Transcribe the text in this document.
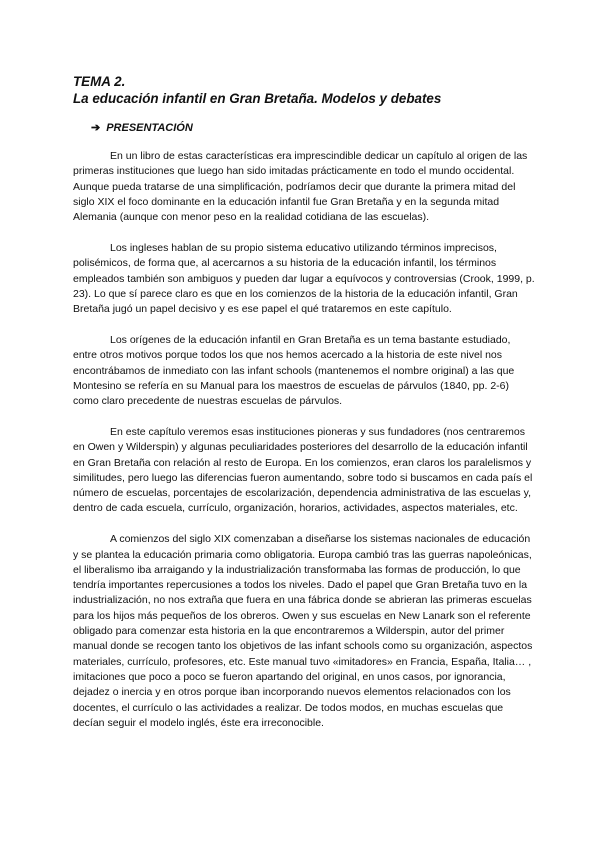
TEMA 2.

La educación infantil en Gran Bretaña. Modelos y debates

➔ PRESENTACIÓN

En un libro de estas características era imprescindible dedicar un capítulo al origen de las primeras instituciones que luego han sido imitadas prácticamente en todo el mundo occidental. Aunque pueda tratarse de una simplificación, podríamos decir que durante la primera mitad del siglo XIX el foco dominante en la educación infantil fue Gran Bretaña y en la segunda mitad Alemania (aunque con menor peso en la realidad cotidiana de las escuelas).

Los ingleses hablan de su propio sistema educativo utilizando términos imprecisos, polisémicos, de forma que, al acercarnos a su historia de la educación infantil, los términos empleados también son ambiguos y pueden dar lugar a equívocos y controversias (Crook, 1999, p. 23). Lo que sí parece claro es que en los comienzos de la historia de la educación infantil, Gran Bretaña jugó un papel decisivo y es ese papel el qué trataremos en este capítulo.

Los orígenes de la educación infantil en Gran Bretaña es un tema bastante estudiado, entre otros motivos porque todos los que nos hemos acercado a la historia de este nivel nos encontrábamos de inmediato con las infant schools (mantenemos el nombre original) a las que Montesino se refería en su Manual para los maestros de escuelas de párvulos (1840, pp. 2-6) como claro precedente de nuestras escuelas de párvulos.

En este capítulo veremos esas instituciones pioneras y sus fundadores (nos centraremos en Owen y Wilderspin) y algunas peculiaridades posteriores del desarrollo de la educación infantil en Gran Bretaña con relación al resto de Europa. En los comienzos, eran claros los paralelismos y similitudes, pero luego las diferencias fueron aumentando, sobre todo si buscamos en cada país el número de escuelas, porcentajes de escolarización, dependencia administrativa de las escuelas y, dentro de cada escuela, currículo, organización, horarios, actividades, aspectos materiales, etc.

A comienzos del siglo XIX comenzaban a diseñarse los sistemas nacionales de educación y se plantea la educación primaria como obligatoria. Europa cambió tras las guerras napoleónicas, el liberalismo iba arraigando y la industrialización transformaba las formas de producción, lo que tendría importantes repercusiones a todos los niveles. Dado el papel que Gran Bretaña tuvo en la industrialización, no nos extraña que fuera en una fábrica donde se abrieran las primeras escuelas para los hijos más pequeños de los obreros. Owen y sus escuelas en New Lanark son el referente obligado para comenzar esta historia en la que encontraremos a Wilderspin, autor del primer manual donde se recogen tanto los objetivos de las infant schools como su organización, aspectos materiales, currículo, profesores, etc. Este manual tuvo «imitadores» en Francia, España, Italia… , imitaciones que poco a poco se fueron apartando del original, en unos casos, por ignorancia, dejadez o inercia y en otros porque iban incorporando nuevos elementos relacionados con los docentes, el currículo o las actividades a realizar. De todos modos, en muchas escuelas que decían seguir el modelo inglés, éste era irreconocible.
